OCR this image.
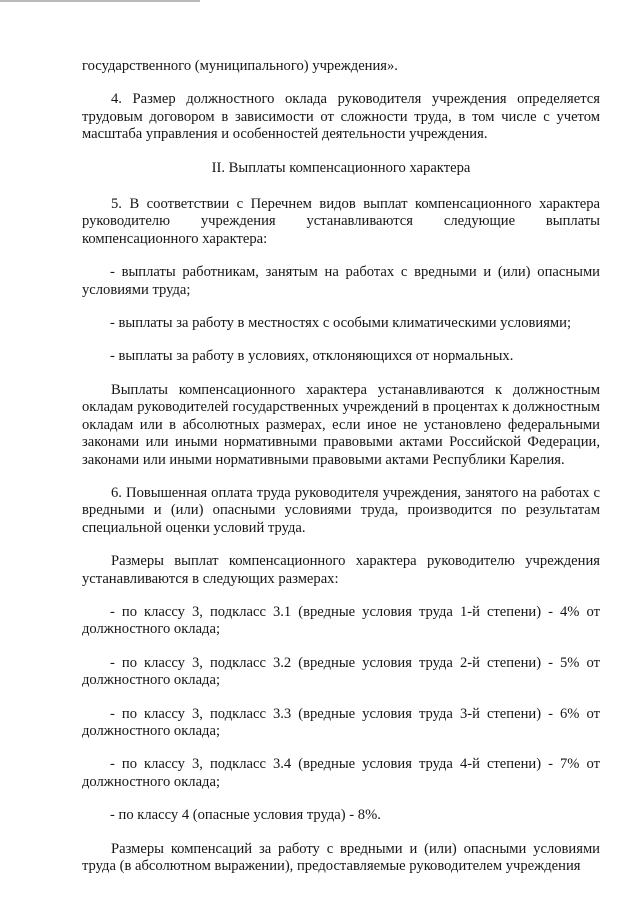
государственного (муниципального) учреждения».

4. Размер должностного оклада руководителя учреждения определяется трудовым договором в зависимости от сложности труда, в том числе с учетом масштаба управления и особенностей деятельности учреждения.

II. Выплаты компенсационного характера

5. В соответствии с Перечнем видов выплат компенсационного характера руководителю учреждения устанавливаются следующие выплаты компенсационного характера:

- выплаты работникам, занятым на работах с вредными и (или) опасными условиями труда;

- выплаты за работу в местностях с особыми климатическими условиями;

- выплаты за работу в условиях, отклоняющихся от нормальных.

Выплаты компенсационного характера устанавливаются к должностным окладам руководителей государственных учреждений в процентах к должностным окладам или в абсолютных размерах, если иное не установлено федеральными законами или иными нормативными правовыми актами Российской Федерации, законами или иными нормативными правовыми актами Республики Карелия.

6. Повышенная оплата труда руководителя учреждения, занятого на работах с вредными и (или) опасными условиями труда, производится по результатам специальной оценки условий труда.

Размеры выплат компенсационного характера руководителю учреждения устанавливаются в следующих размерах:

- по классу 3, подкласс 3.1 (вредные условия труда 1-й степени) - 4% от должностного оклада;

- по классу 3, подкласс 3.2 (вредные условия труда 2-й степени) - 5% от должностного оклада;

- по классу 3, подкласс 3.3 (вредные условия труда 3-й степени) - 6% от должностного оклада;

- по классу 3, подкласс 3.4 (вредные условия труда 4-й степени) - 7% от должностного оклада;

- по классу 4 (опасные условия труда) - 8%.

Размеры компенсаций за работу с вредными и (или) опасными условиями труда (в абсолютном выражении), предоставляемые руководителем учреждения
